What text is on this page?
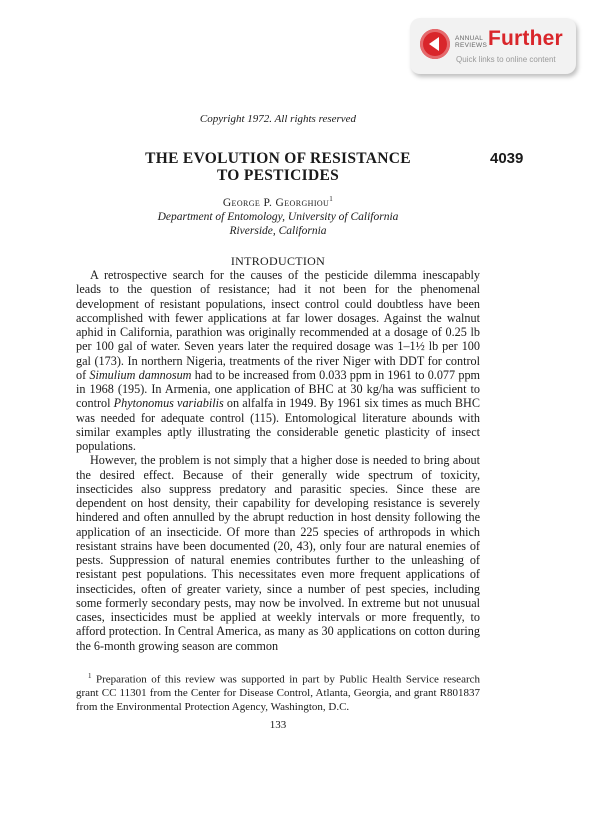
ANNUAL
REVIEWS Further
Quick links to online content
Copyright 1972. All rights reserved
THE EVOLUTION OF RESISTANCE
TO PESTICIDES
4039
George P. Georghiou$^1$
Department of Entomology, University of California
Riverside, California
INTRODUCTION

A retrospective search for the causes of the pesticide dilemma inescapably leads to the question of resistance; had it not been for the phenomenal development of resistant populations, insect control could doubtless have been accomplished with fewer applications at far lower dosages. Against the walnut aphid in California, parathion was originally recommended at a dosage of 0.25 lb per 100 gal of water. Seven years later the required dosage was 1–1½ lb per 100 gal (173). In northern Nigeria, treatments of the river Niger with DDT for control of Simulium damnosum had to be increased from 0.033 ppm in 1961 to 0.077 ppm in 1968 (195). In Armenia, one application of BHC at 30 kg/ha was sufficient to control Phytonomus variabilis on alfalfa in 1949. By 1961 six times as much BHC was needed for adequate control (115). Entomological literature abounds with similar examples aptly illustrating the considerable genetic plasticity of insect populations.

However, the problem is not simply that a higher dose is needed to bring about the desired effect. Because of their generally wide spectrum of toxicity, insecticides also suppress predatory and parasitic species. Since these are dependent on host density, their capability for developing resistance is severely hindered and often annulled by the abrupt reduction in host density following the application of an insecticide. Of more than 225 species of arthropods in which resistant strains have been documented (20, 43), only four are natural enemies of pests. Suppression of natural enemies contributes further to the unleashing of resistant pest populations. This necessitates even more frequent applications of insecticides, often of greater variety, since a number of pest species, including some formerly secondary pests, may now be involved. In extreme but not unusual cases, insecticides must be applied at weekly intervals or more frequently, to afford protection. In Central America, as many as 30 applications on cotton during the 6-month growing season are common

$^1$ Preparation of this review was supported in part by Public Health Service research grant CC 11301 from the Center for Disease Control, Atlanta, Georgia, and grant R801837 from the Environmental Protection Agency, Washington, D.C.

133
